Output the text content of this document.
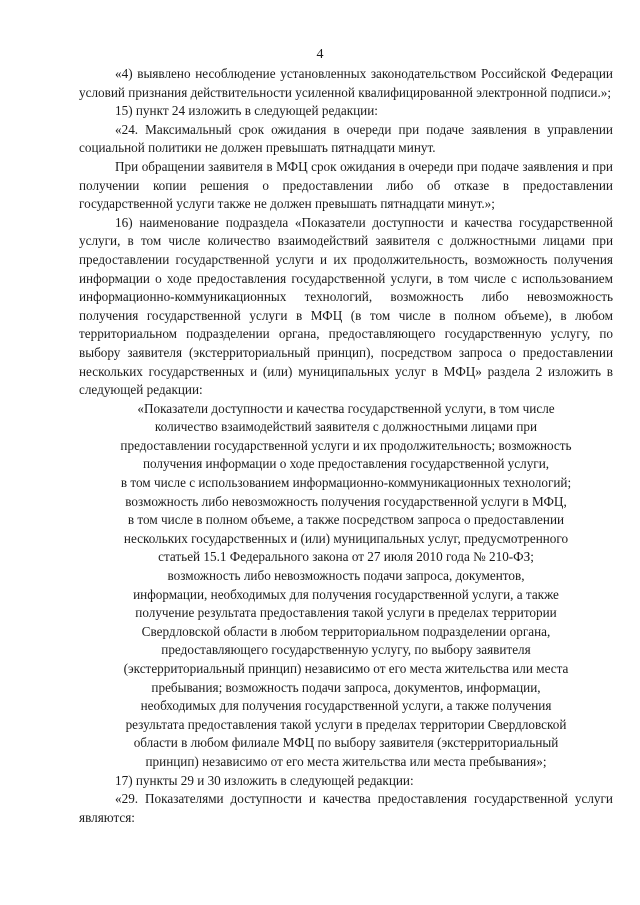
4

«4) выявлено несоблюдение установленных законодательством Российской Федерации условий признания действительности усиленной квалифицированной электронной подписи.»;

15) пункт 24 изложить в следующей редакции:

«24. Максимальный срок ожидания в очереди при подаче заявления в управлении социальной политики не должен превышать пятнадцати минут.

При обращении заявителя в МФЦ срок ожидания в очереди при подаче заявления и при получении копии решения о предоставлении либо об отказе в предоставлении государственной услуги также не должен превышать пятнадцати минут.»;

16) наименование подраздела «Показатели доступности и качества государственной услуги, в том числе количество взаимодействий заявителя с должностными лицами при предоставлении государственной услуги и их продолжительность, возможность получения информации о ходе предоставления государственной услуги, в том числе с использованием информационно-коммуникационных технологий, возможность либо невозможность получения государственной услуги в МФЦ (в том числе в полном объеме), в любом территориальном подразделении органа, предоставляющего государственную услугу, по выбору заявителя (экстерриториальный принцип), посредством запроса о предоставлении нескольких государственных и (или) муниципальных услуг в МФЦ» раздела 2 изложить в следующей редакции:

«Показатели доступности и качества государственной услуги, в том числе
количество взаимодействий заявителя с должностными лицами при
предоставлении государственной услуги и их продолжительность; возможность
получения информации о ходе предоставления государственной услуги,
в том числе с использованием информационно-коммуникационных технологий;
возможность либо невозможность получения государственной услуги в МФЦ,
в том числе в полном объеме, а также посредством запроса о предоставлении
нескольких государственных и (или) муниципальных услуг, предусмотренного
статьей 15.1 Федерального закона от 27 июля 2010 года № 210-ФЗ;
возможность либо невозможность подачи запроса, документов,
информации, необходимых для получения государственной услуги, а также
получение результата предоставления такой услуги в пределах территории
Свердловской области в любом территориальном подразделении органа,
предоставляющего государственную услугу, по выбору заявителя
(экстерриториальный принцип) независимо от его места жительства или места
пребывания; возможность подачи запроса, документов, информации,
необходимых для получения государственной услуги, а также получения
результата предоставления такой услуги в пределах территории Свердловской
области в любом филиале МФЦ по выбору заявителя (экстерриториальный
принцип) независимо от его места жительства или места пребывания»;

17) пункты 29 и 30 изложить в следующей редакции:

«29. Показателями доступности и качества предоставления государственной услуги являются:
